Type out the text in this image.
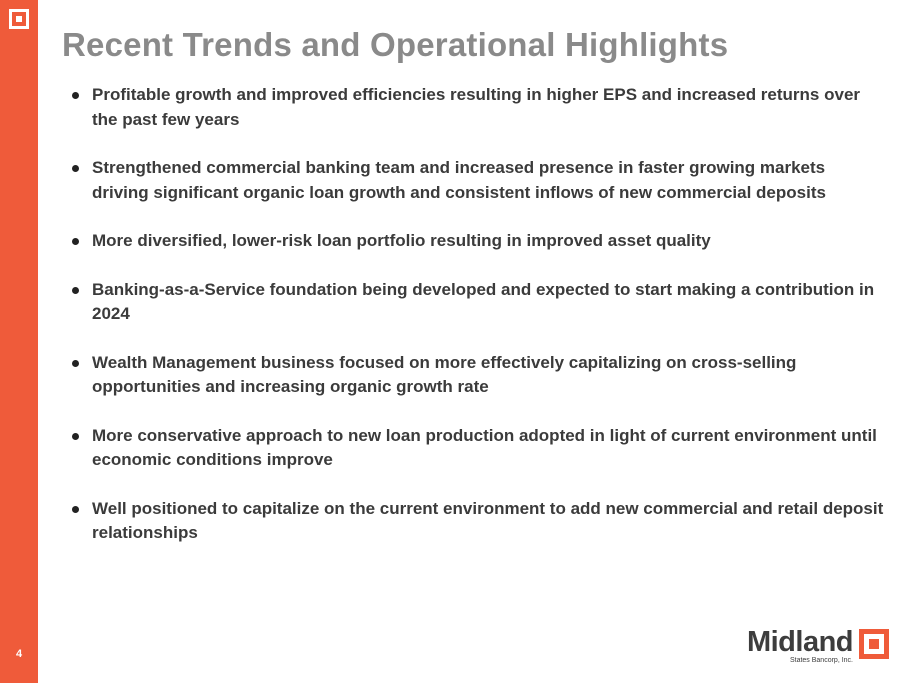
4
Recent Trends and Operational Highlights
Profitable growth and improved efficiencies resulting in higher EPS and increased returns over the past few years
Strengthened commercial banking team and increased presence in faster growing markets driving significant organic loan growth and consistent inflows of new commercial deposits
More diversified, lower-risk loan portfolio resulting in improved asset quality
Banking-as-a-Service foundation being developed and expected to start making a contribution in 2024
Wealth Management business focused on more effectively capitalizing on cross-selling opportunities and increasing organic growth rate
More conservative approach to new loan production adopted in light of current environment until economic conditions improve
Well positioned to capitalize on the current environment to add new commercial and retail deposit relationships
Midland
States Bancorp, Inc.
